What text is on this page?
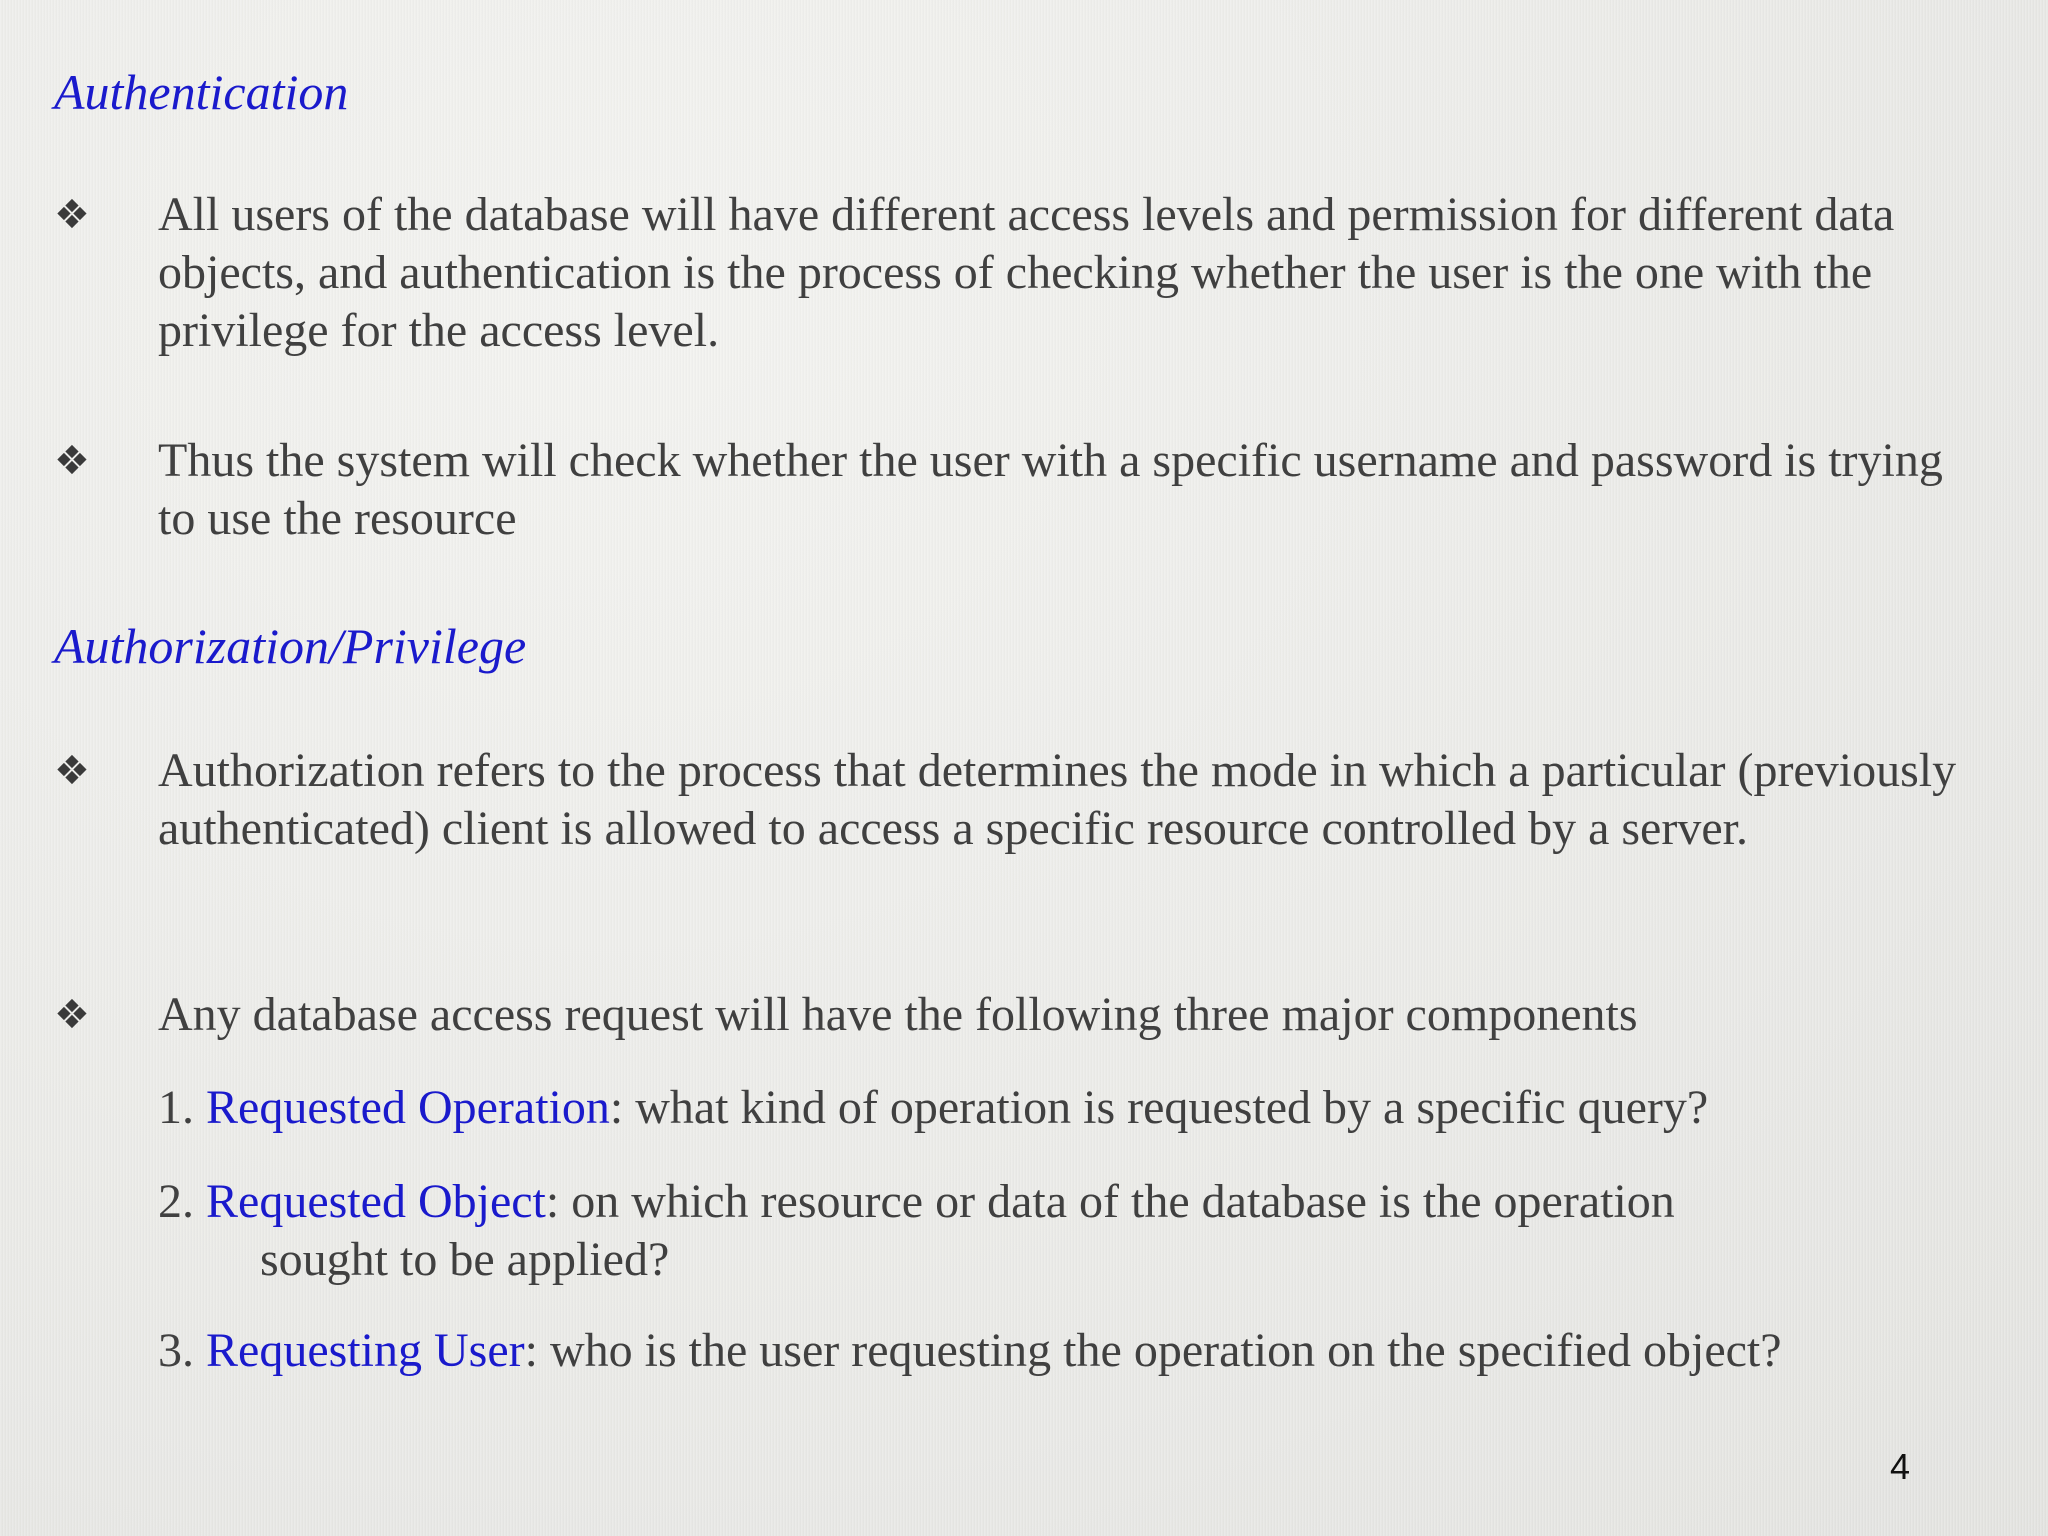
Authentication
❖	All users of the database will have different access levels and permission for different data objects, and authentication is the process of checking whether the user is the one with the privilege for the access level.
❖	Thus the system will check whether the user with a specific username and password is trying to use the resource
Authorization/Privilege
❖	Authorization refers to the process that determines the mode in which a particular (previously authenticated) client is allowed to access a specific resource controlled by a server.
❖	Any database access request will have the following three major components
1. Requested Operation: what kind of operation is requested by a specific query?
2. Requested Object: on which resource or data of the database is the operation
sought to be applied?
3. Requesting User: who is the user requesting the operation on the specified object?
4
